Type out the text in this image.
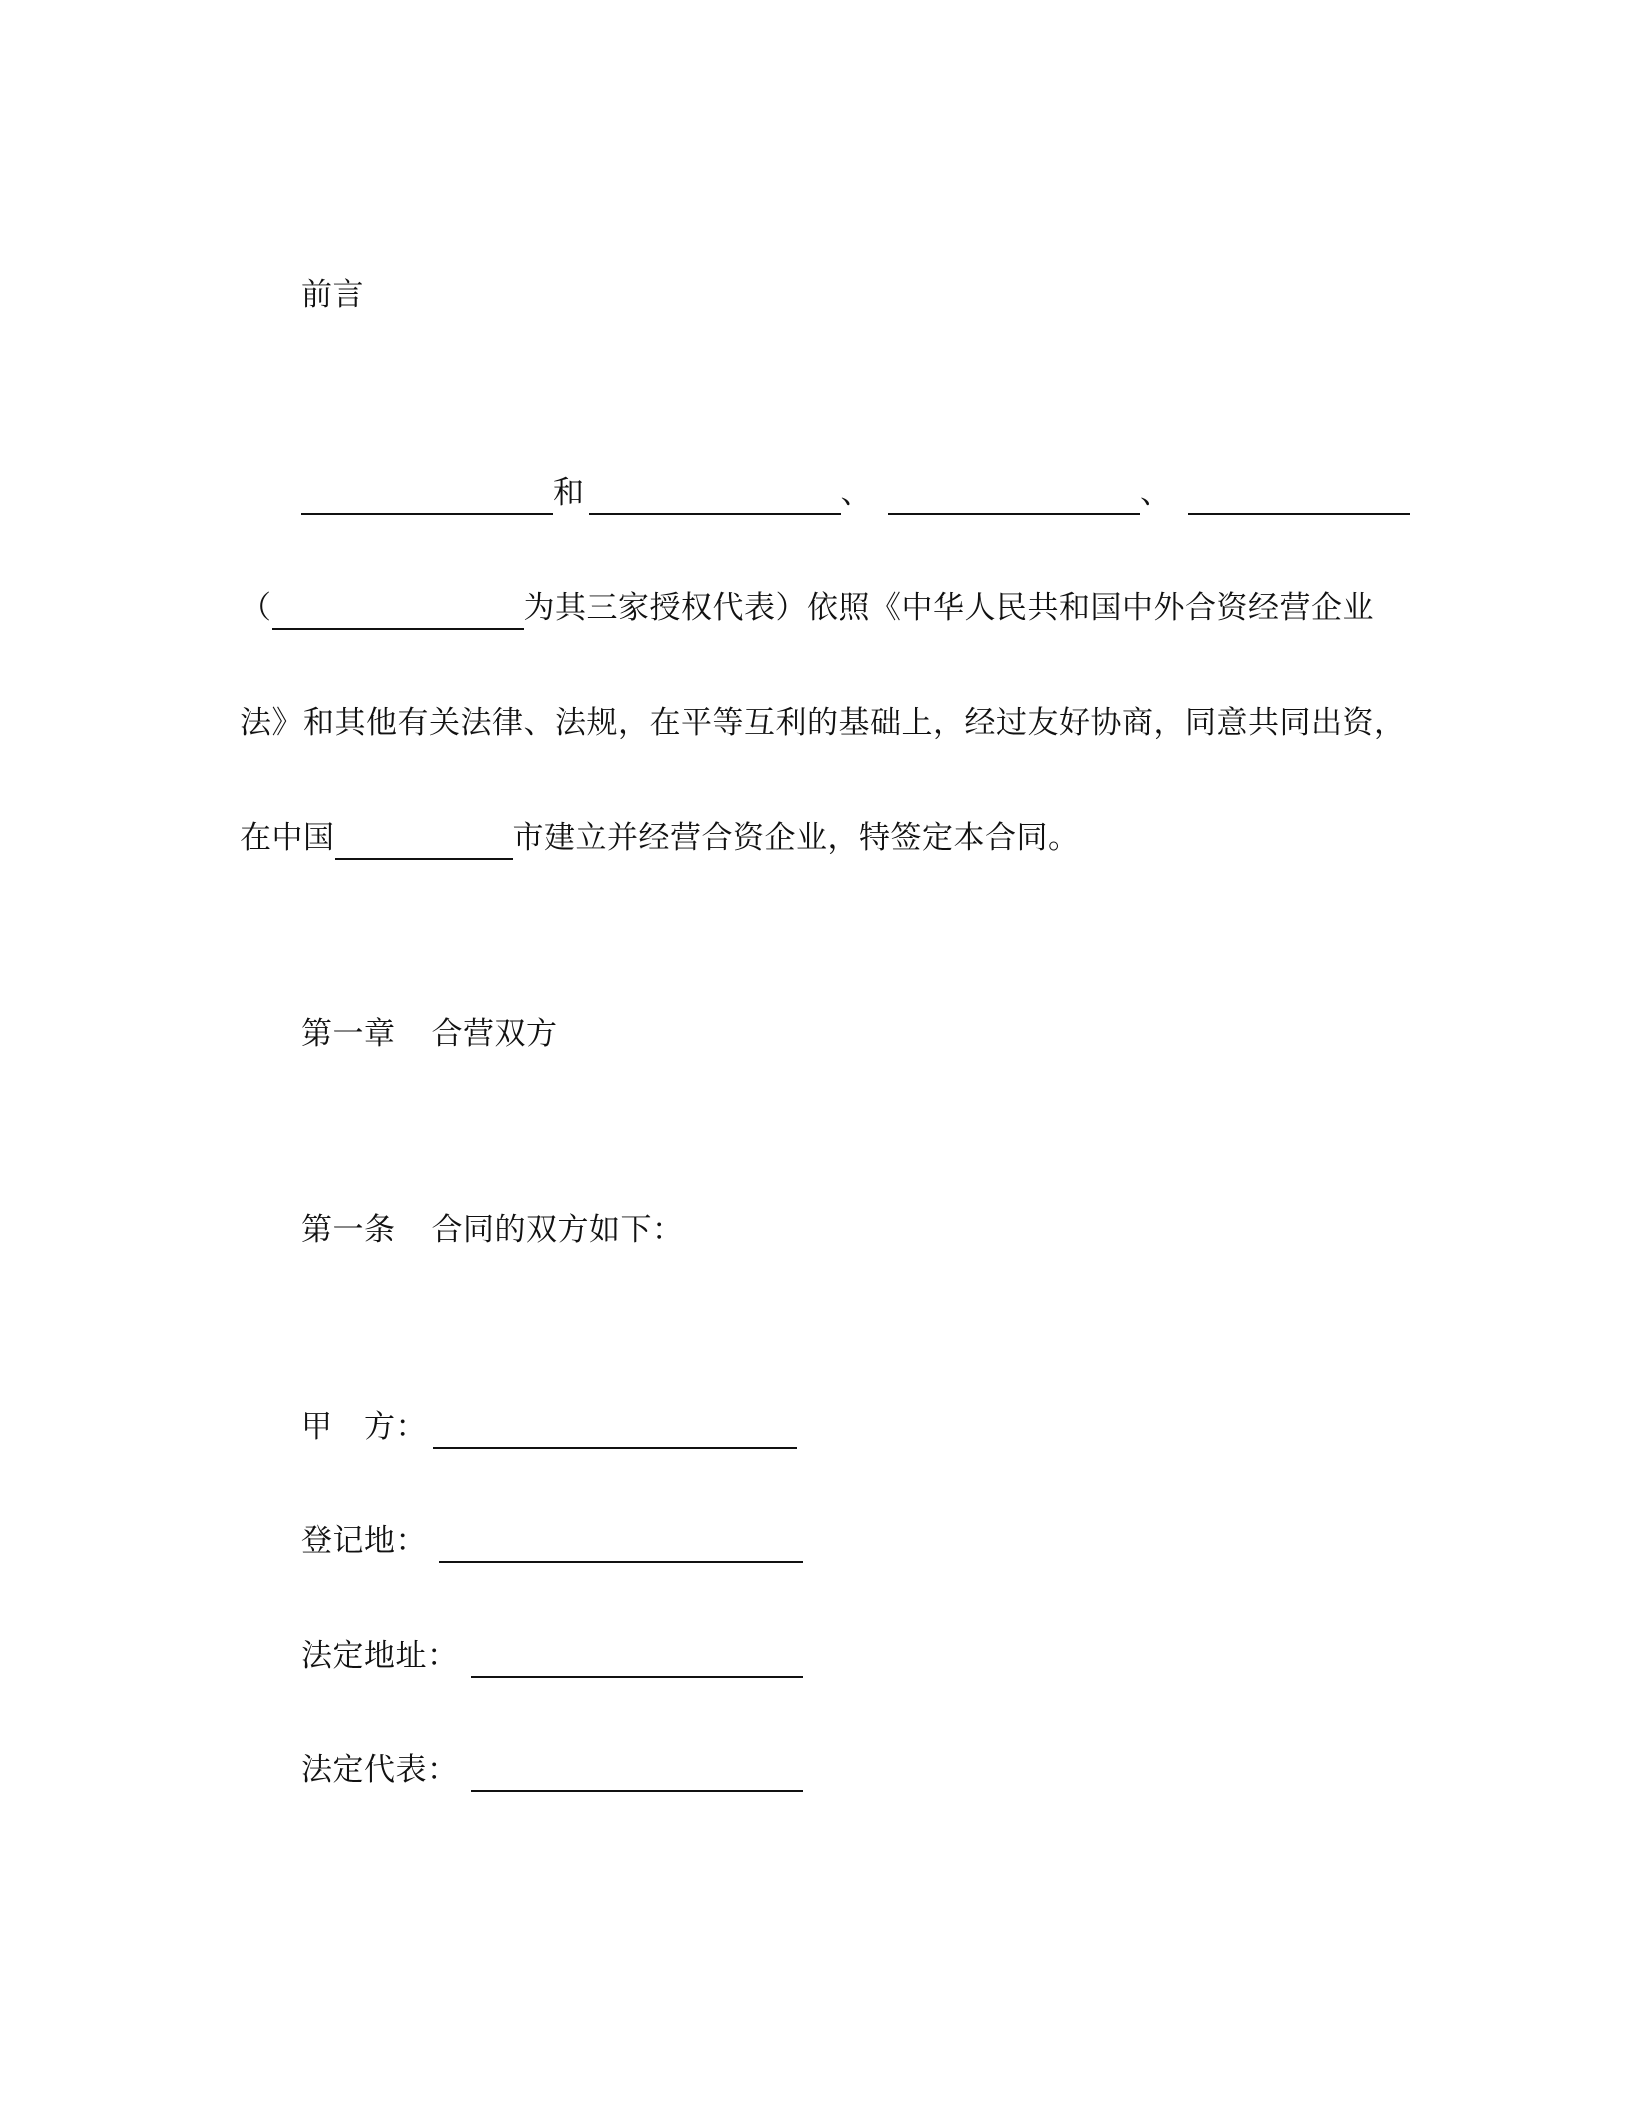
前言
和	、	、
（	为其三家授权代表）依照《中华人民共和国中外合资经营企业
法》和其他有关法律、法规，在平等互利的基础上，经过友好协商，同意共同出资，
在中国	市建立并经营合资企业，特签定本合同。
第一章 合营双方
第一条 合同的双方如下：
甲　方：
登记地：
法定地址：
法定代表：
